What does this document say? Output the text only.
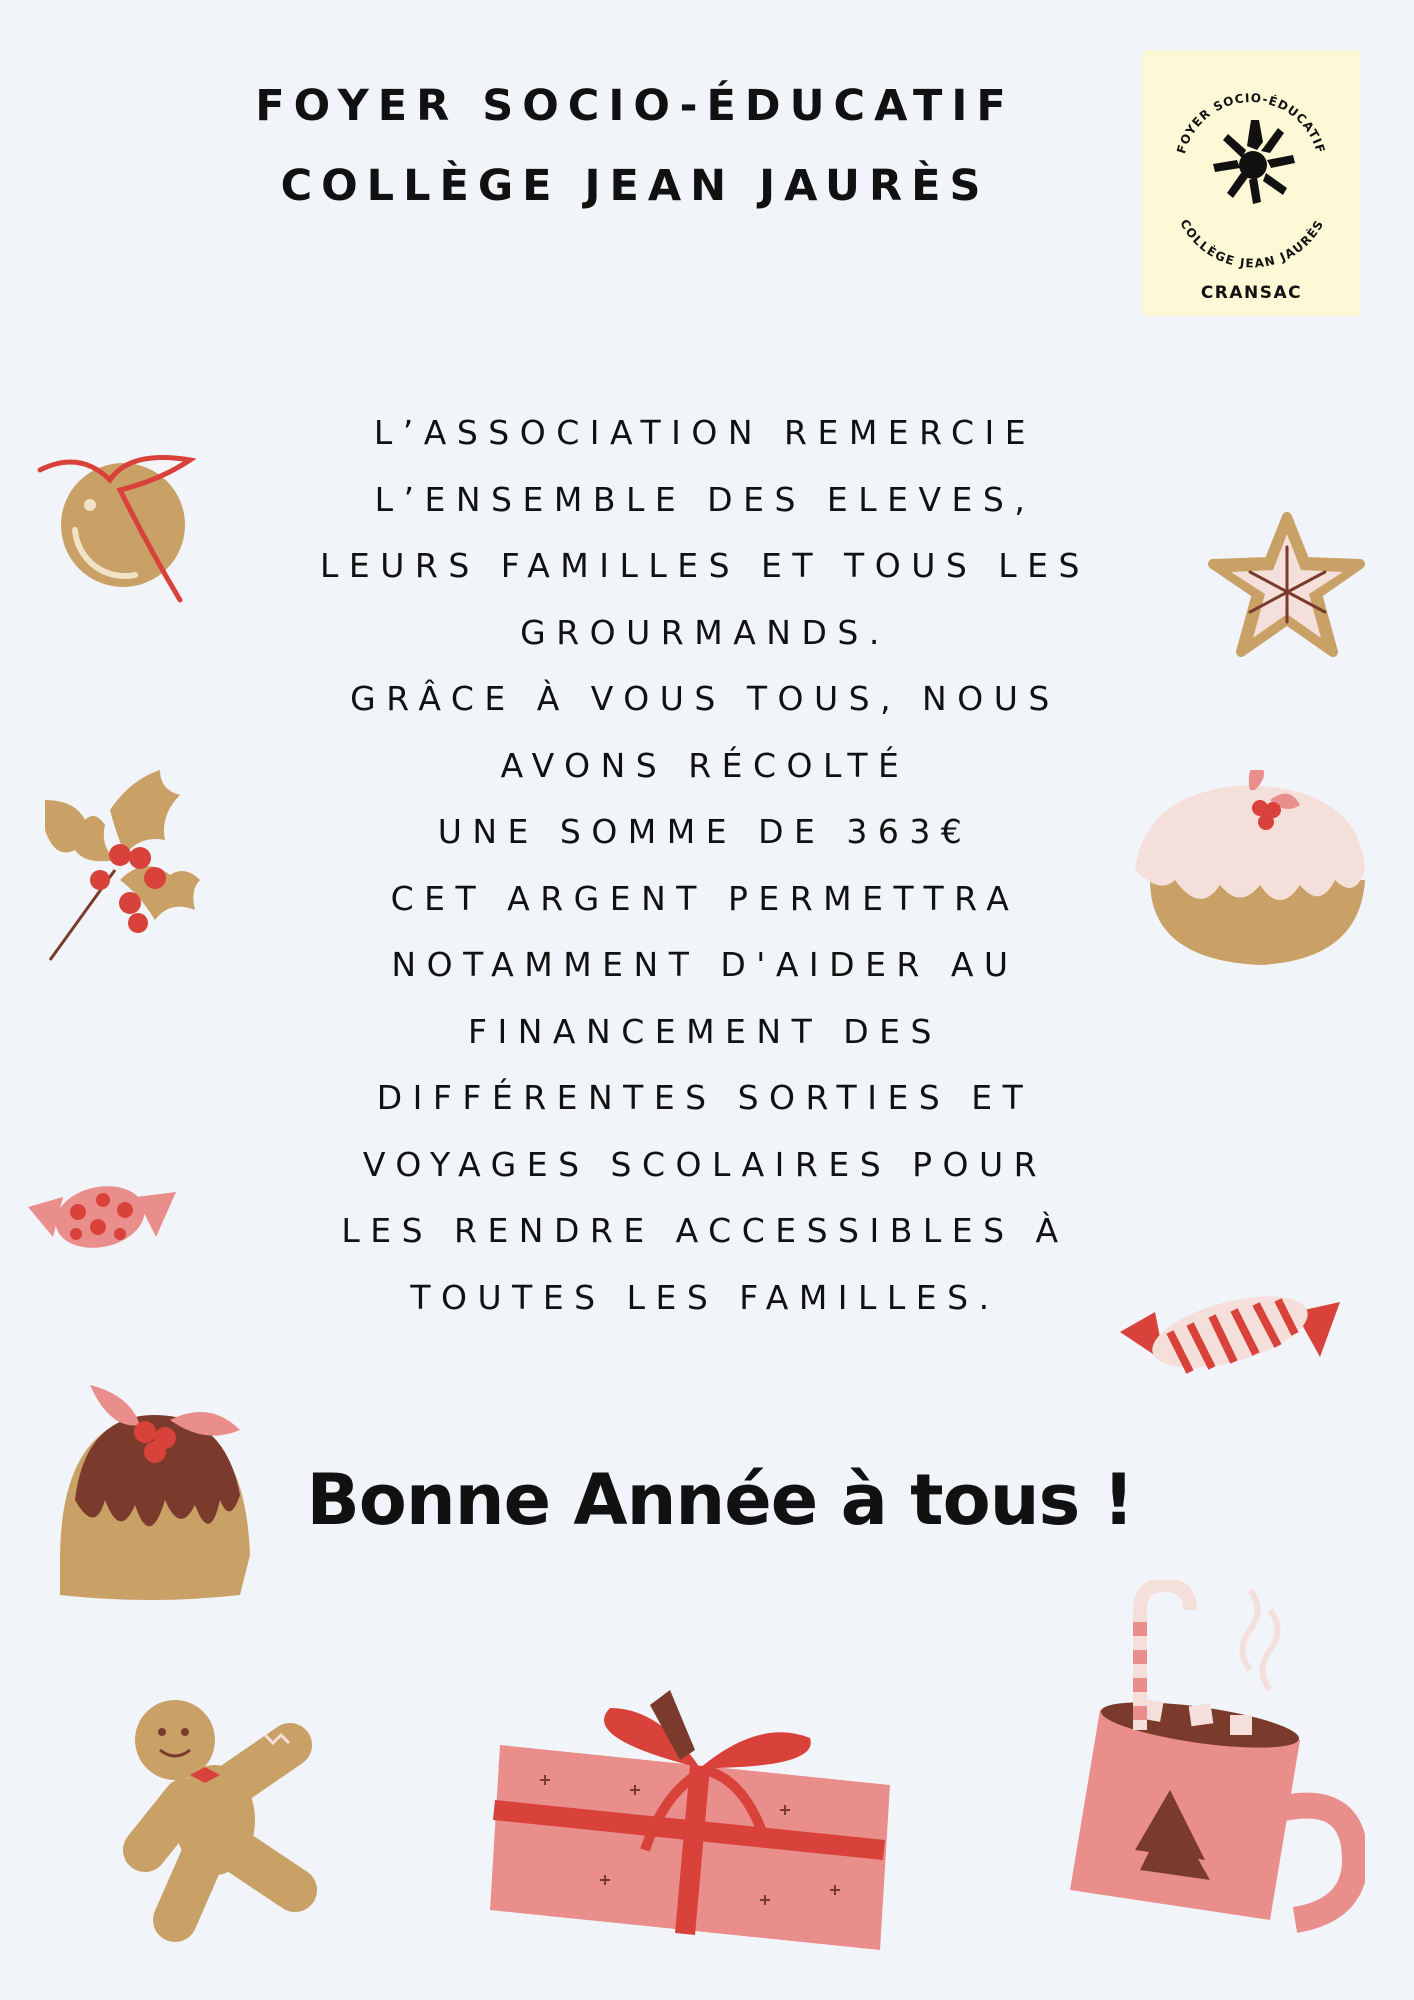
FOYER SOCIO-ÉDUCATIF
COLLÈGE JEAN JAURÈS
FOYER SOCIO-ÉDUCATIF
COLLÈGE JEAN JAURÈS
CRANSAC
L’ASSOCIATION REMERCIE
L’ENSEMBLE DES ELEVES,
LEURS FAMILLES ET TOUS LES
GROURMANDS.
GRÂCE À VOUS TOUS, NOUS
AVONS RÉCOLTÉ
UNE SOMME DE 363€
CET ARGENT PERMETTRA
NOTAMMENT D'AIDER AU
FINANCEMENT DES
DIFFÉRENTES SORTIES ET
VOYAGES SCOLAIRES POUR
LES RENDRE ACCESSIBLES À
TOUTES LES FAMILLES.
Bonne Année à tous !
